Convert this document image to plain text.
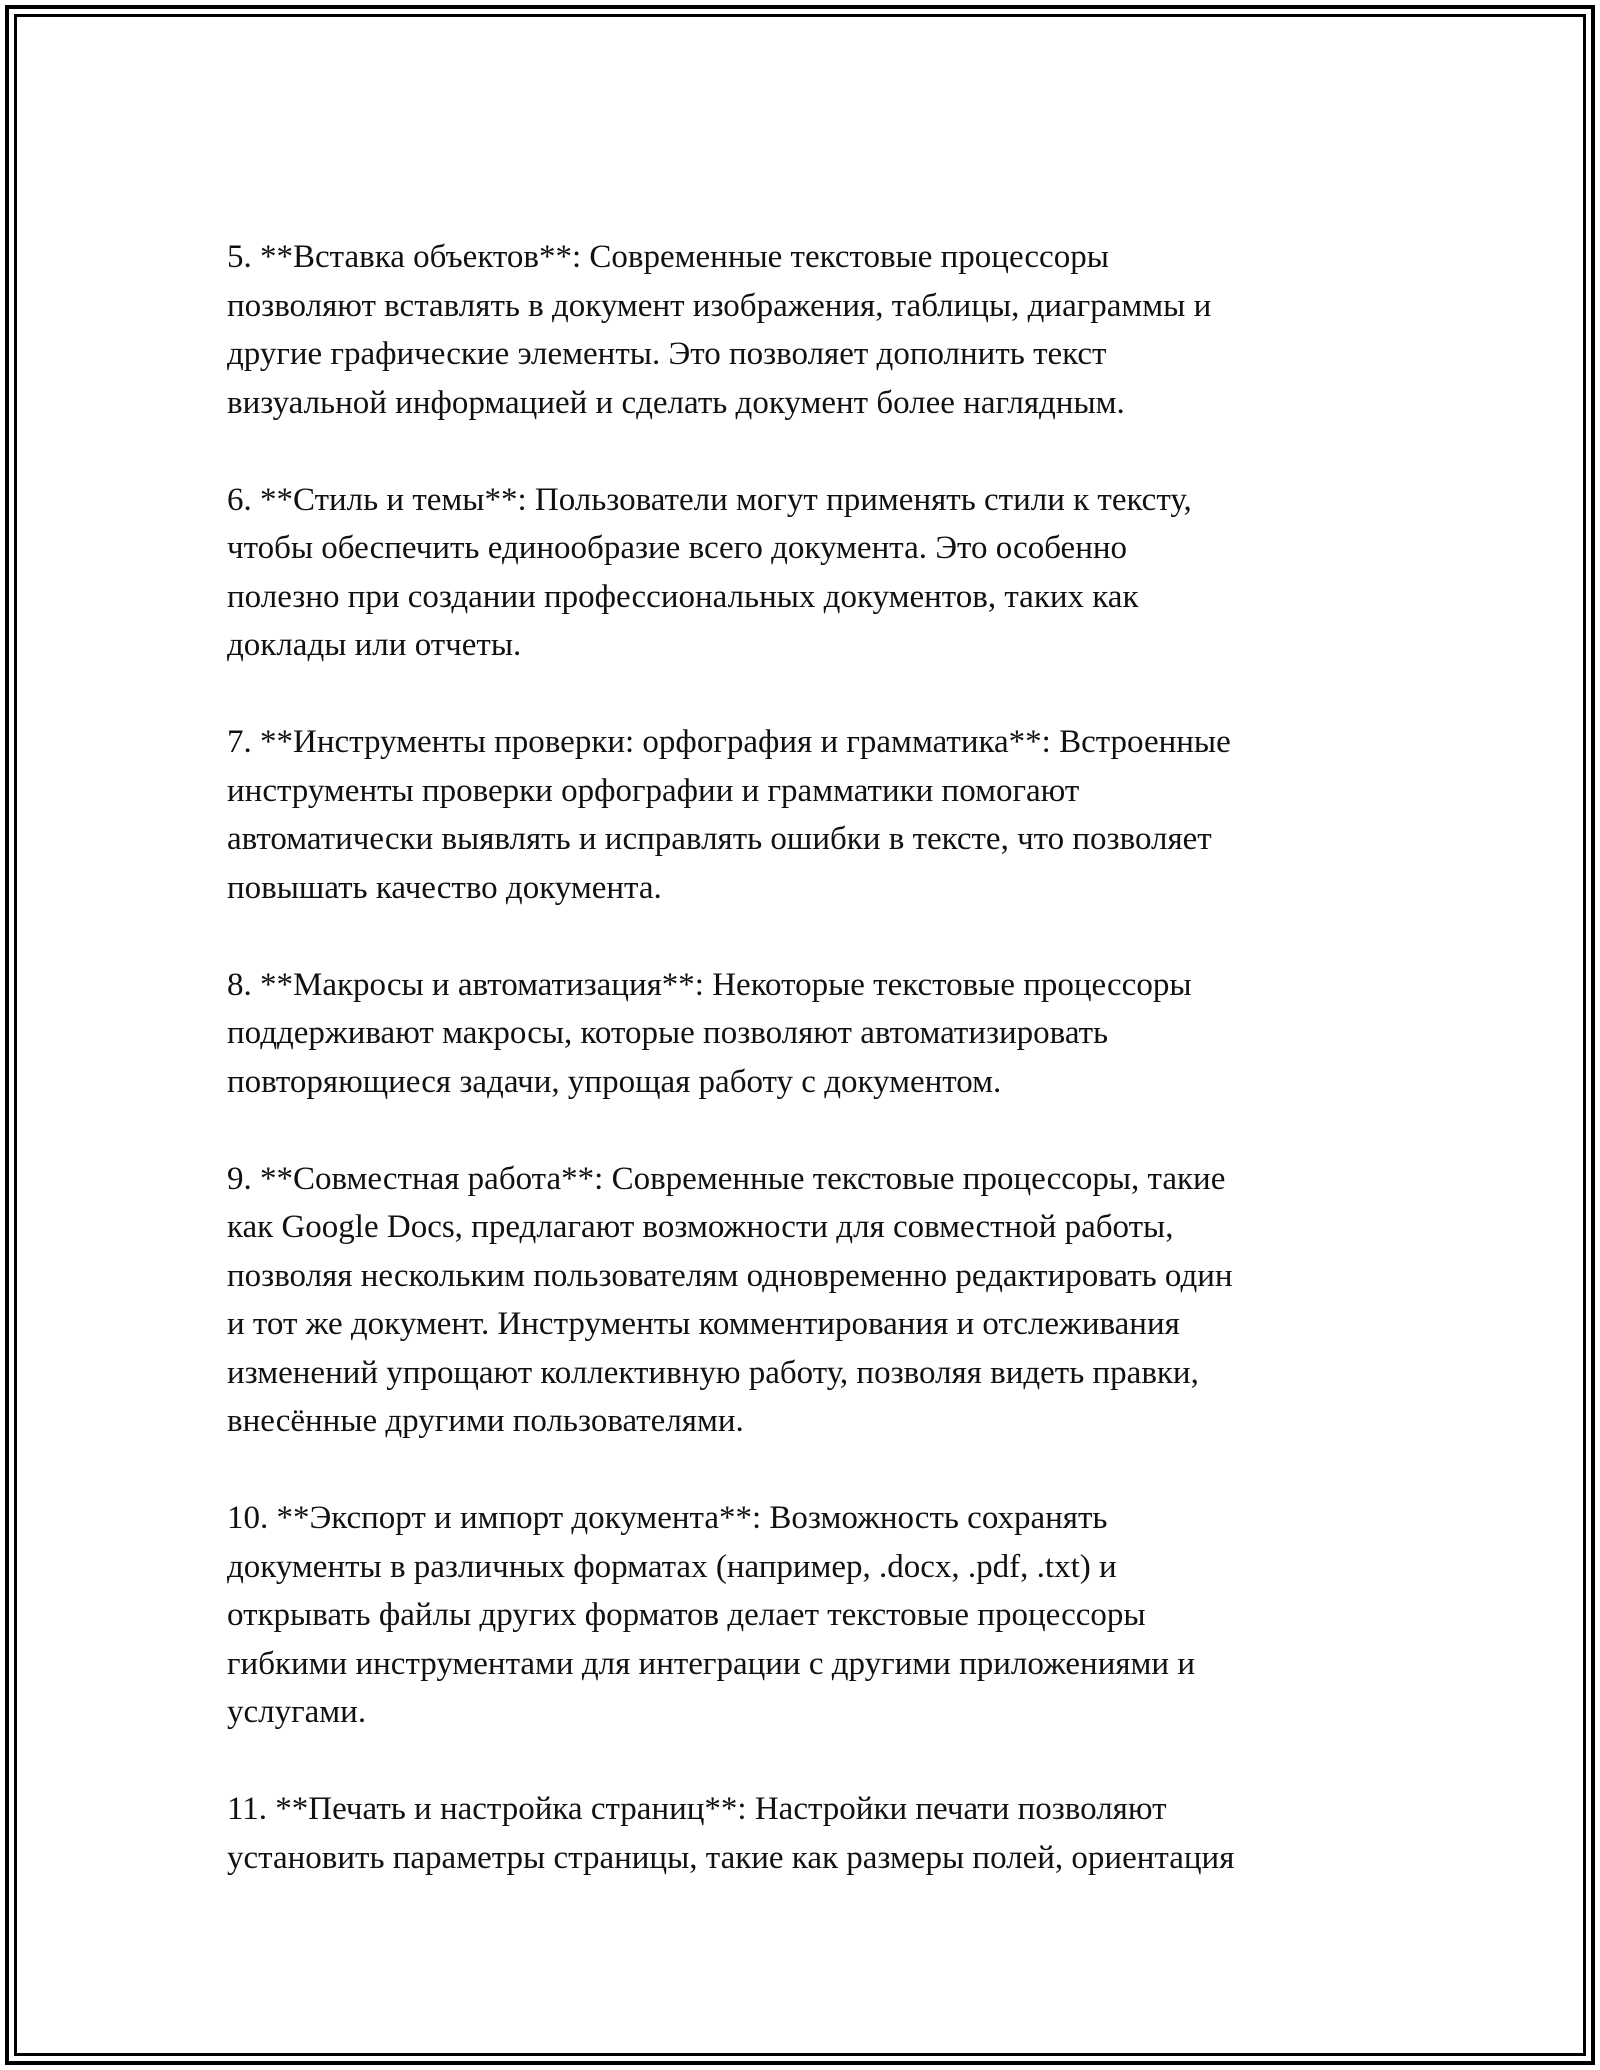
5. **Вставка объектов**: Современные текстовые процессоры
позволяют вставлять в документ изображения, таблицы, диаграммы и
другие графические элементы. Это позволяет дополнить текст
визуальной информацией и сделать документ более наглядным.

6. **Стиль и темы**: Пользователи могут применять стили к тексту,
чтобы обеспечить единообразие всего документа. Это особенно
полезно при создании профессиональных документов, таких как
доклады или отчеты.

7. **Инструменты проверки: орфография и грамматика**: Встроенные
инструменты проверки орфографии и грамматики помогают
автоматически выявлять и исправлять ошибки в тексте, что позволяет
повышать качество документа.

8. **Макросы и автоматизация**: Некоторые текстовые процессоры
поддерживают макросы, которые позволяют автоматизировать
повторяющиеся задачи, упрощая работу с документом.

9. **Совместная работа**: Современные текстовые процессоры, такие
как Google Docs, предлагают возможности для совместной работы,
позволяя нескольким пользователям одновременно редактировать один
и тот же документ. Инструменты комментирования и отслеживания
изменений упрощают коллективную работу, позволяя видеть правки,
внесённые другими пользователями.

10. **Экспорт и импорт документа**: Возможность сохранять
документы в различных форматах (например, .docx, .pdf, .txt) и
открывать файлы других форматов делает текстовые процессоры
гибкими инструментами для интеграции с другими приложениями и
услугами.

11. **Печать и настройка страниц**: Настройки печати позволяют
установить параметры страницы, такие как размеры полей, ориентация
